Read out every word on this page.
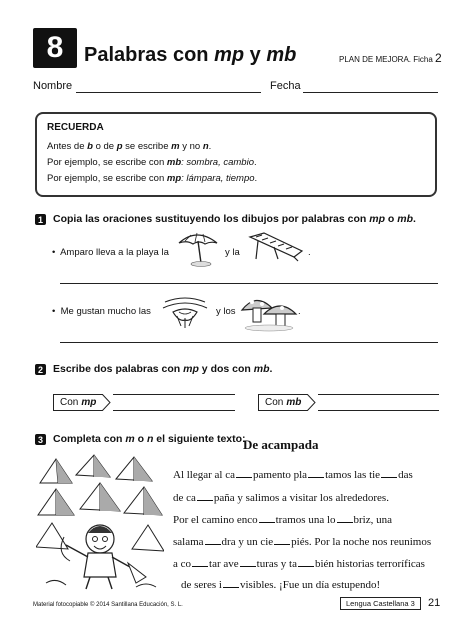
8	Palabras con mp y mb	PLAN DE MEJORA. Ficha 2
Nombre	Fecha
RECUERDA
Antes de b o de p se escribe m y no n.
Por ejemplo, se escribe con mb: sombra, cambio.
Por ejemplo, se escribe con mp: lámpara, tiempo.
1 Copia las oraciones sustituyendo los dibujos por palabras con mp o mb.
•  Amparo lleva a la playa la	y la	.
•  Me gustan mucho las	y los	.
2 Escribe dos palabras con mp y dos con mb.
Con mp	Con mb
3 Completa con m o n el siguiente texto:
De acampada
Al llegar al ca pamento pla tamos las tie das
de ca paña y salimos a visitar los alrededores.
Por el camino enco tramos una lo briz, una
salama dra y un cie piés. Por la noche nos reunimos
a co tar ave turas y ta bién historias terroríficas
de seres i visibles. ¡Fue un día estupendo!
Material fotocopiable © 2014 Santillana Educación, S. L.	Lengua Castellana 3	21
